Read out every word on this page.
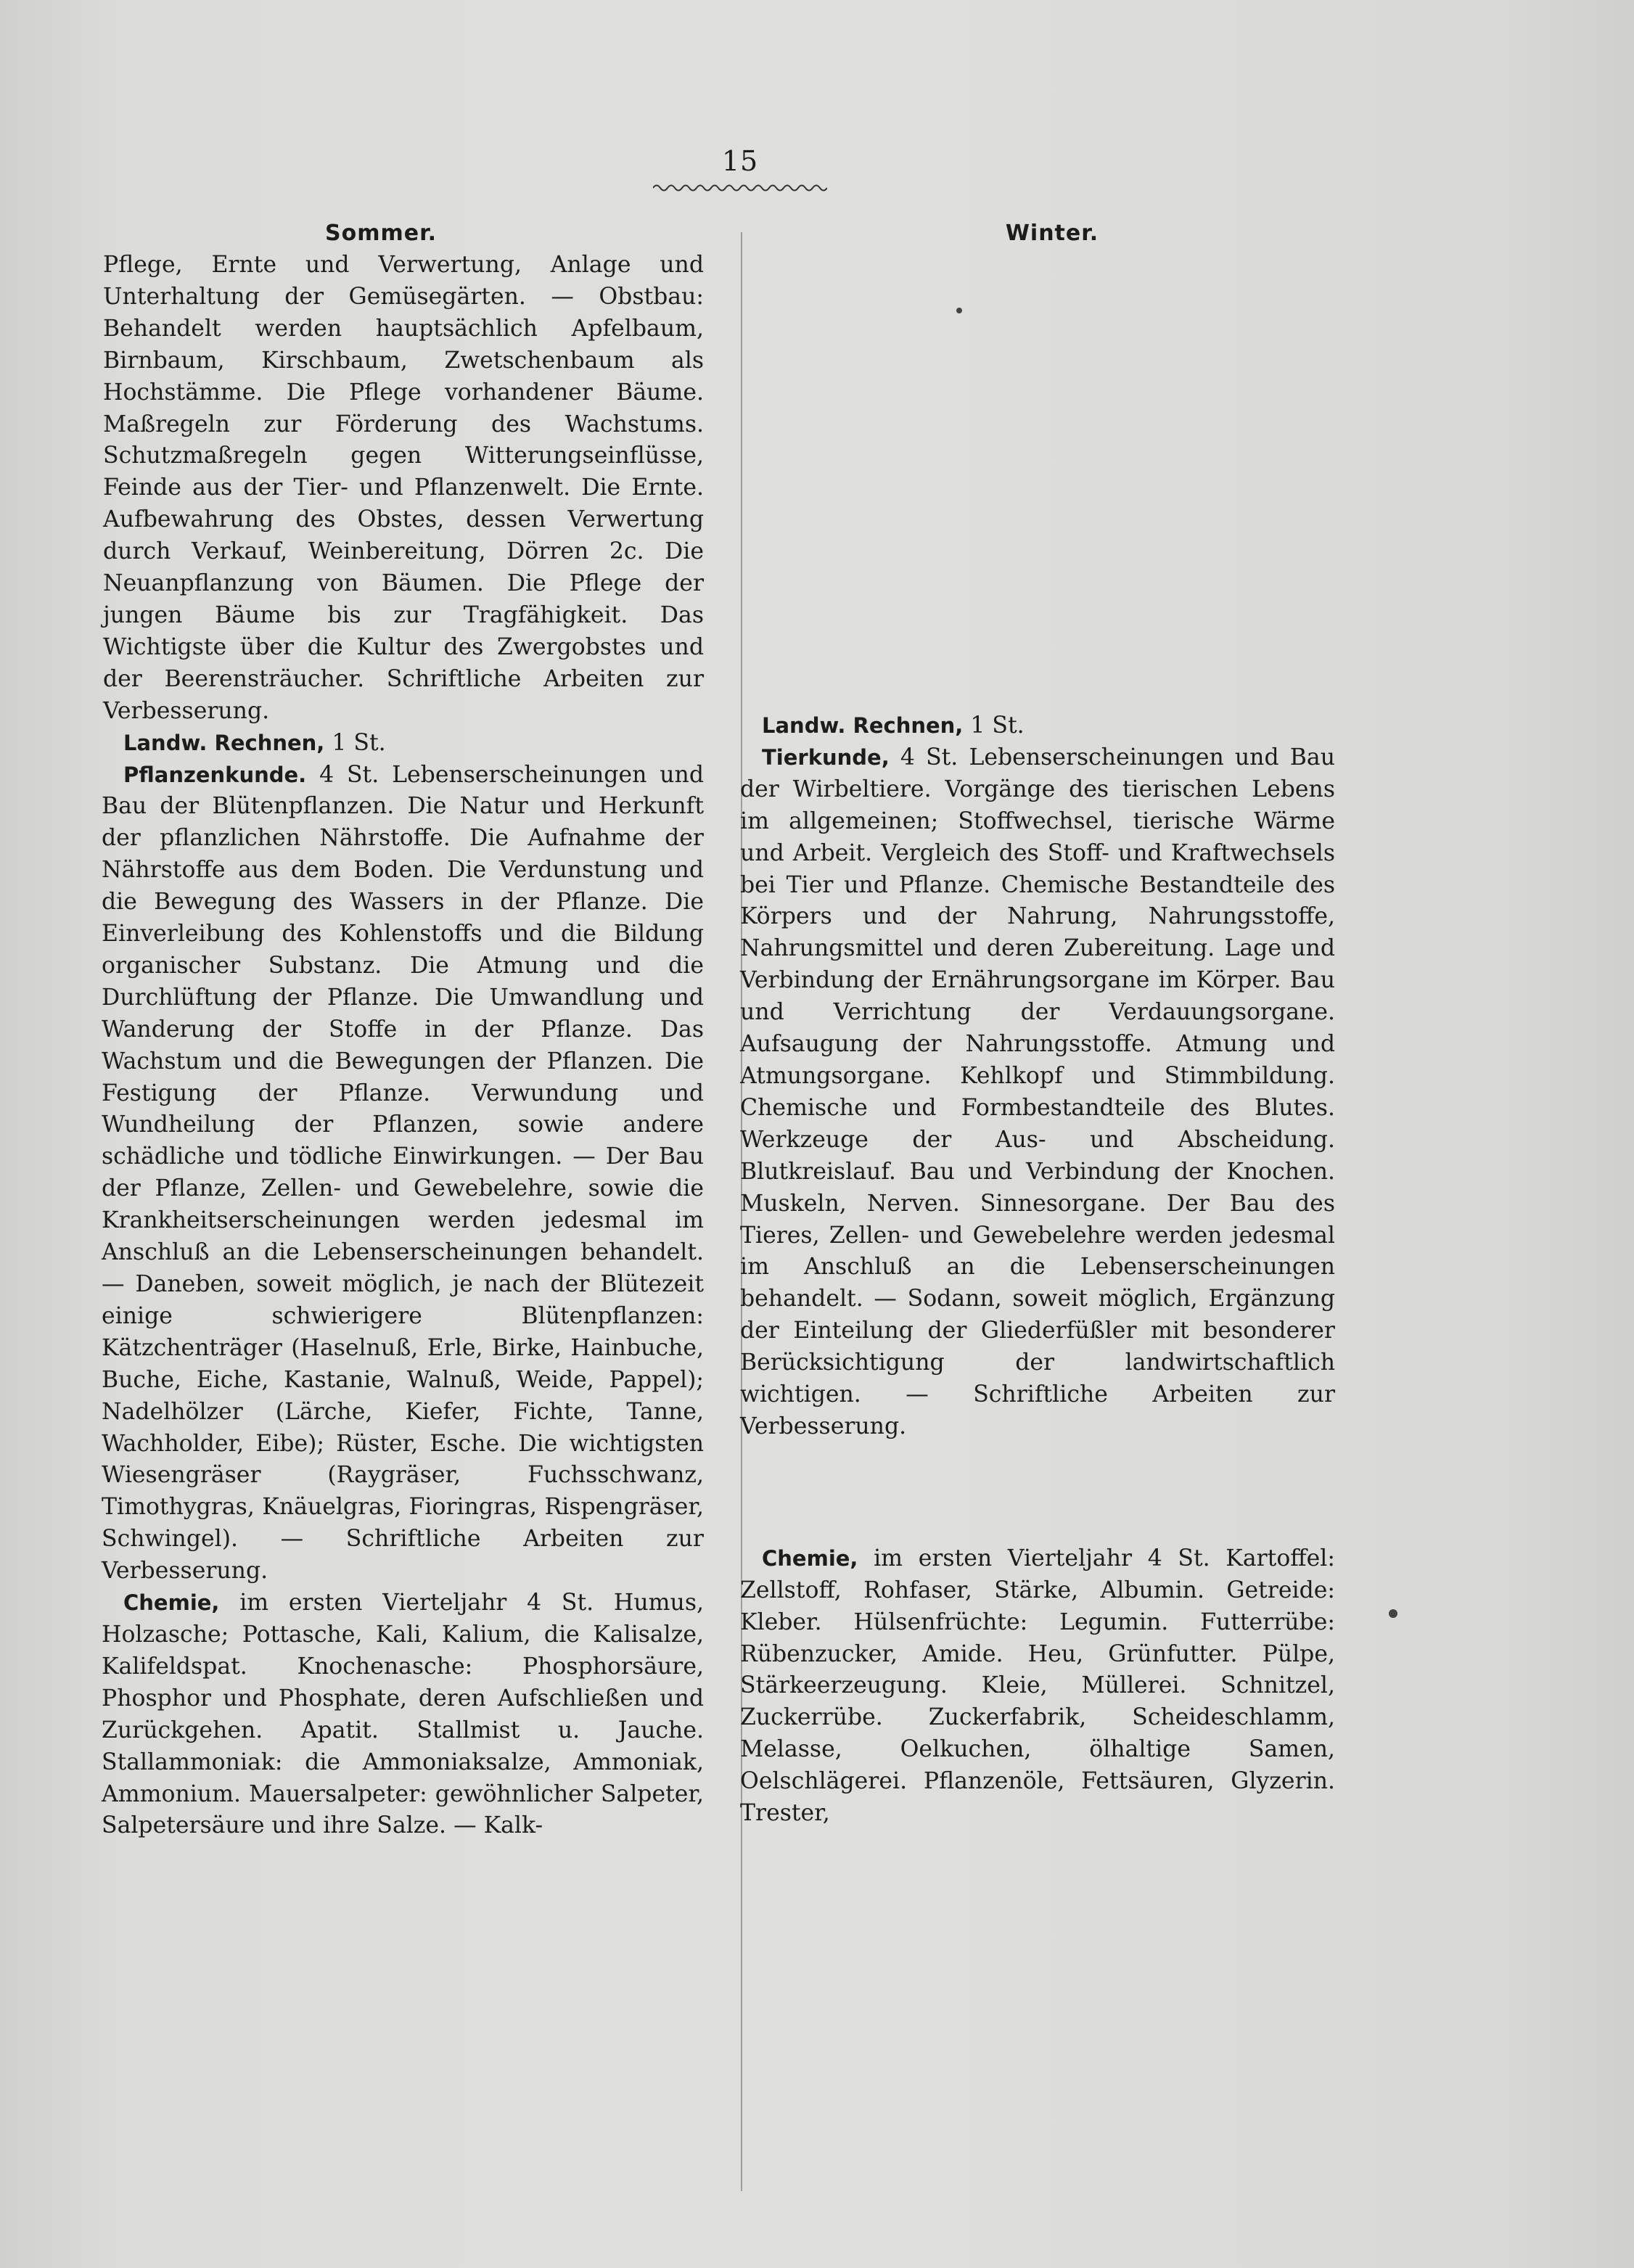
15
Sommer.

Pflege, Ernte und Verwertung, Anlage und Unterhaltung der Gemüsegärten. — Obstbau: Behandelt werden hauptsächlich Apfelbaum, Birnbaum, Kirschbaum, Zwetschenbaum als Hochstämme. Die Pflege vorhandener Bäume. Maßregeln zur Förderung des Wachstums. Schutzmaßregeln gegen Witterungseinflüsse, Feinde aus der Tier- und Pflanzenwelt. Die Ernte. Aufbewahrung des Obstes, dessen Verwertung durch Verkauf, Weinbereitung, Dörren 2c. Die Neuanpflanzung von Bäumen. Die Pflege der jungen Bäume bis zur Tragfähigkeit. Das Wichtigste über die Kultur des Zwergobstes und der Beerensträucher. Schriftliche Arbeiten zur Verbesserung.

Landw. Rechnen, 1 St.

Pflanzenkunde. 4 St. Lebenserscheinungen und Bau der Blütenpflanzen. Die Natur und Herkunft der pflanzlichen Nährstoffe. Die Aufnahme der Nährstoffe aus dem Boden. Die Verdunstung und die Bewegung des Wassers in der Pflanze. Die Einverleibung des Kohlenstoffs und die Bildung organischer Substanz. Die Atmung und die Durchlüftung der Pflanze. Die Umwandlung und Wanderung der Stoffe in der Pflanze. Das Wachstum und die Bewegungen der Pflanzen. Die Festigung der Pflanze. Verwundung und Wundheilung der Pflanzen, sowie andere schädliche und tödliche Einwirkungen. — Der Bau der Pflanze, Zellen- und Gewebelehre, sowie die Krankheitserscheinungen werden jedesmal im Anschluß an die Lebenserscheinungen behandelt. — Daneben, soweit möglich, je nach der Blütezeit einige schwierigere Blütenpflanzen: Kätzchenträger (Haselnuß, Erle, Birke, Hainbuche, Buche, Eiche, Kastanie, Walnuß, Weide, Pappel); Nadelhölzer (Lärche, Kiefer, Fichte, Tanne, Wachholder, Eibe); Rüster, Esche. Die wichtigsten Wiesengräser (Raygräser, Fuchsschwanz, Timothygras, Knäuelgras, Fioringras, Rispengräser, Schwingel). — Schriftliche Arbeiten zur Verbesserung.

Chemie, im ersten Vierteljahr 4 St. Humus, Holzasche; Pottasche, Kali, Kalium, die Kalisalze, Kalifeldspat. Knochenasche: Phosphorsäure, Phosphor und Phosphate, deren Aufschließen und Zurückgehen. Apatit. Stallmist u. Jauche. Stallammoniak: die Ammoniaksalze, Ammoniak, Ammonium. Mauersalpeter: gewöhnlicher Salpeter, Salpetersäure und ihre Salze. — Kalk-

Winter.

Landw. Rechnen, 1 St.

Tierkunde, 4 St. Lebenserscheinungen und Bau der Wirbeltiere. Vorgänge des tierischen Lebens im allgemeinen; Stoffwechsel, tierische Wärme und Arbeit. Vergleich des Stoff- und Kraftwechsels bei Tier und Pflanze. Chemische Bestandteile des Körpers und der Nahrung, Nahrungsstoffe, Nahrungsmittel und deren Zubereitung. Lage und Verbindung der Ernährungsorgane im Körper. Bau und Verrichtung der Verdauungsorgane. Aufsaugung der Nahrungsstoffe. Atmung und Atmungsorgane. Kehlkopf und Stimmbildung. Chemische und Formbestandteile des Blutes. Werkzeuge der Aus- und Abscheidung. Blutkreislauf. Bau und Verbindung der Knochen. Muskeln, Nerven. Sinnesorgane. Der Bau des Tieres, Zellen- und Gewebelehre werden jedesmal im Anschluß an die Lebenserscheinungen behandelt. — Sodann, soweit möglich, Ergänzung der Einteilung der Gliederfüßler mit besonderer Berücksichtigung der landwirtschaftlich wichtigen. — Schriftliche Arbeiten zur Verbesserung.

Chemie, im ersten Vierteljahr 4 St. Kartoffel: Zellstoff, Rohfaser, Stärke, Albumin. Getreide: Kleber. Hülsenfrüchte: Legumin. Futterrübe: Rübenzucker, Amide. Heu, Grünfutter. Pülpe, Stärkeerzeugung. Kleie, Müllerei. Schnitzel, Zuckerrübe. Zuckerfabrik, Scheideschlamm, Melasse, Oelkuchen, ölhaltige Samen, Oelschlägerei. Pflanzenöle, Fettsäuren, Glyzerin. Trester,
